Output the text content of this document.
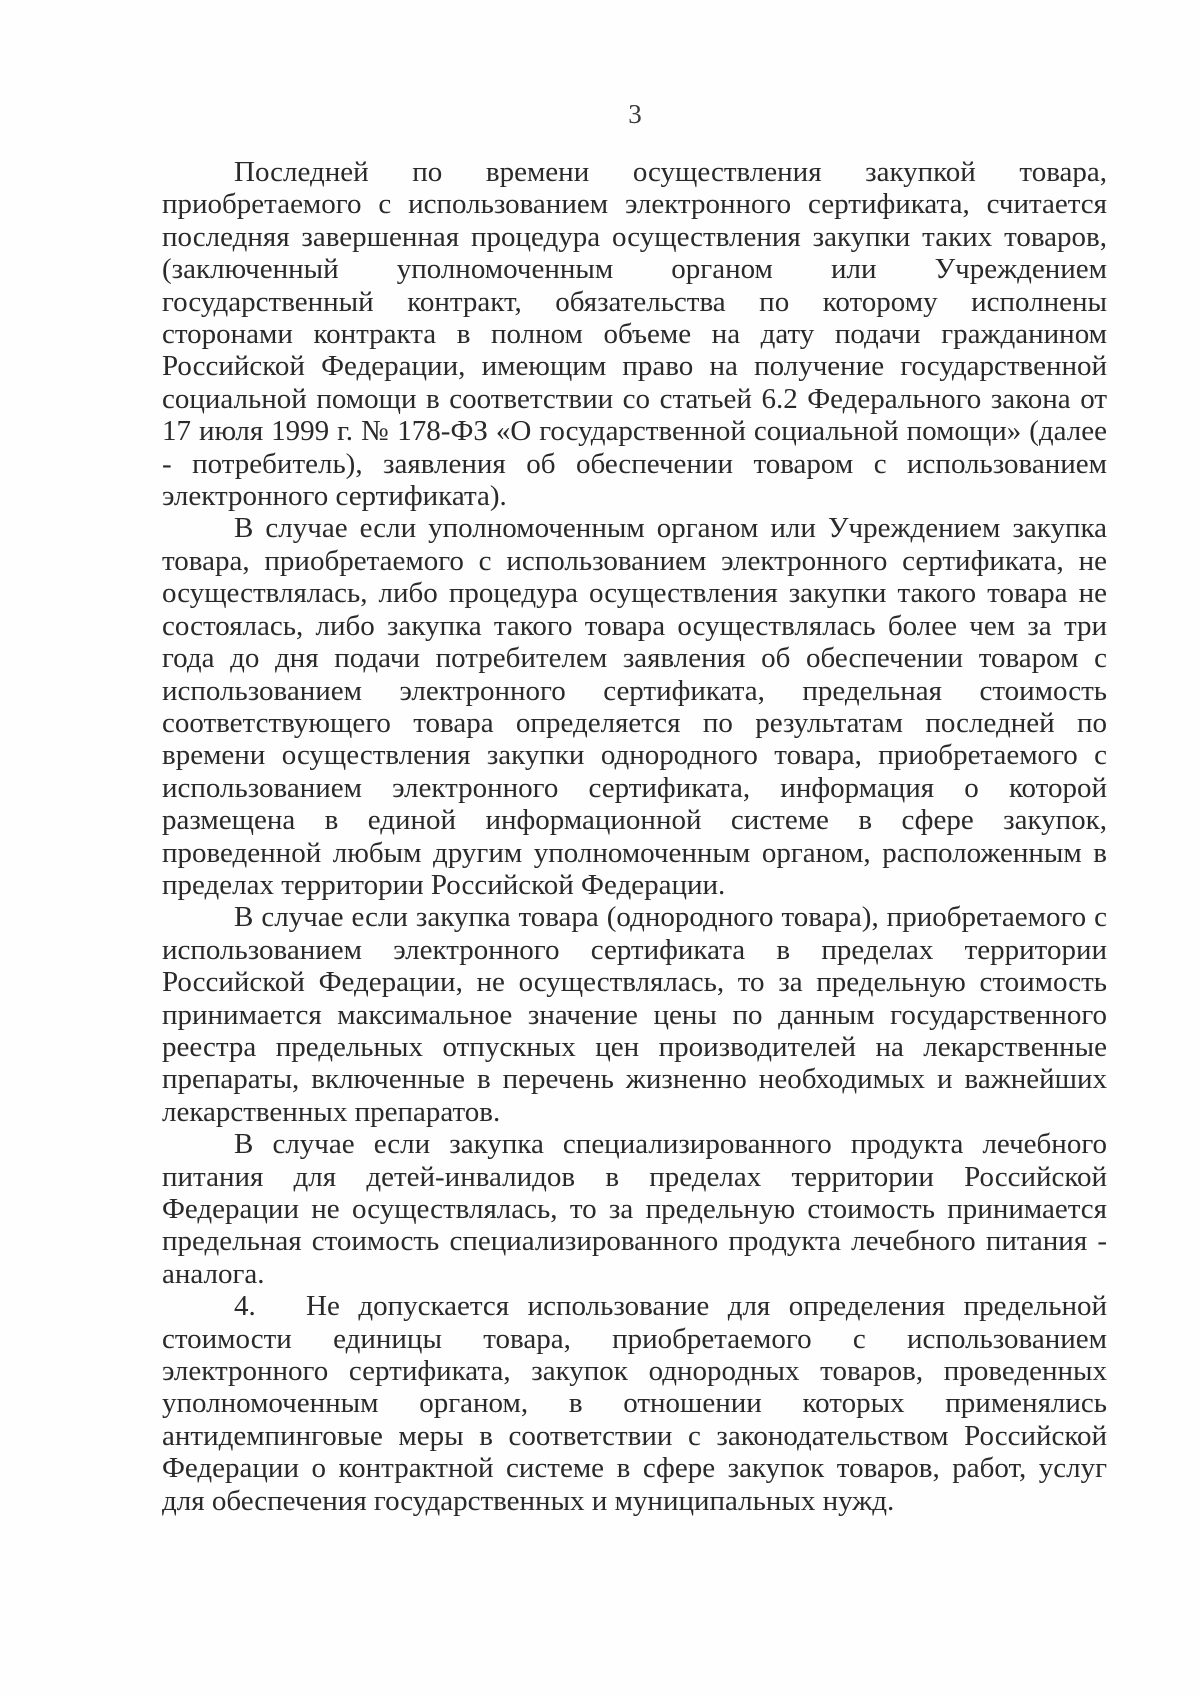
3

Последней по времени осуществления закупкой товара, приобретаемого с использованием электронного сертификата, считается последняя завершенная процедура осуществления закупки таких товаров, (заключенный уполномоченным органом или Учреждением государственный контракт, обязательства по которому исполнены сторонами контракта в полном объеме на дату подачи гражданином Российской Федерации, имеющим право на получение государственной социальной помощи в соответствии со статьей 6.2 Федерального закона от 17 июля 1999 г. № 178-ФЗ «О государственной социальной помощи» (далее - потребитель), заявления об обеспечении товаром с использованием электронного сертификата).

В случае если уполномоченным органом или Учреждением закупка товара, приобретаемого с использованием электронного сертификата, не осуществлялась, либо процедура осуществления закупки такого товара не состоялась, либо закупка такого товара осуществлялась более чем за три года до дня подачи потребителем заявления об обеспечении товаром с использованием электронного сертификата, предельная стоимость соответствующего товара определяется по результатам последней по времени осуществления закупки однородного товара, приобретаемого с использованием электронного сертификата, информация о которой размещена в единой информационной системе в сфере закупок, проведенной любым другим уполномоченным органом, расположенным в пределах территории Российской Федерации.

В случае если закупка товара (однородного товара), приобретаемого с использованием электронного сертификата в пределах территории Российской Федерации, не осуществлялась, то за предельную стоимость принимается максимальное значение цены по данным государственного реестра предельных отпускных цен производителей на лекарственные препараты, включенные в перечень жизненно необходимых и важнейших лекарственных препаратов.

В случае если закупка специализированного продукта лечебного питания для детей-инвалидов в пределах территории Российской Федерации не осуществлялась, то за предельную стоимость принимается предельная стоимость специализированного продукта лечебного питания - аналога.

4. Не допускается использование для определения предельной стоимости единицы товара, приобретаемого с использованием электронного сертификата, закупок однородных товаров, проведенных уполномоченным органом, в отношении которых применялись антидемпинговые меры в соответствии с законодательством Российской Федерации о контрактной системе в сфере закупок товаров, работ, услуг для обеспечения государственных и муниципальных нужд.
